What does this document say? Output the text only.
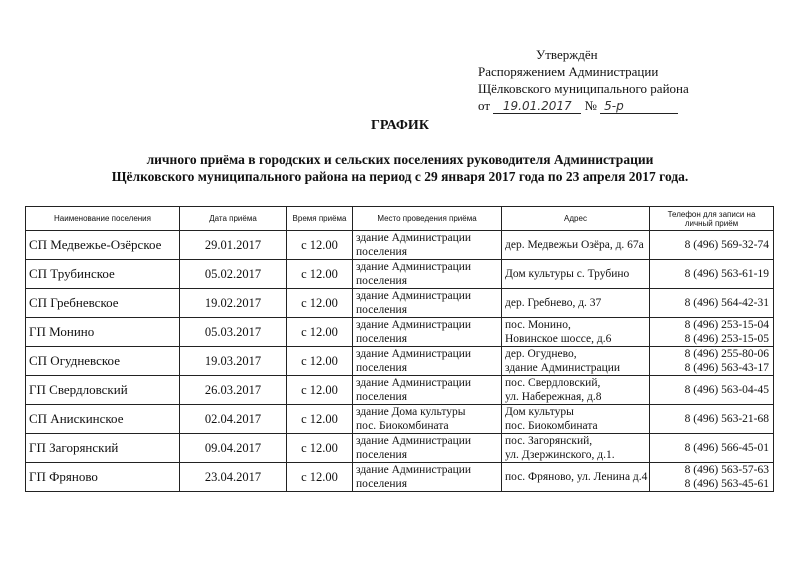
Утверждён
Распоряжением Администрации
Щёлковского муниципального района
от 19.01.2017 № 5-р
ГРАФИК
личного приёма в городских и сельских поселениях руководителя Администрации
Щёлковского муниципального района на период с 29 января 2017 года по 23 апреля 2017 года.
Наименование поселения	Дата приёма	Время приёма	Место проведения приёма	Адрес	Телефон для записи на личный приём
СП Медвежье-Озёрское	29.01.2017	с 12.00	здание Администрации
поселения	дер. Медвежьи Озёра, д. 67а	8 (496) 569-32-74

СП Трубинское	05.02.2017	с 12.00	здание Администрации
поселения	Дом культуры с. Трубино	8 (496) 563-61-19

СП Гребневское	19.02.2017	с 12.00	здание Администрации
поселения	дер. Гребнево, д. 37	8 (496) 564-42-31

ГП Монино	05.03.2017	с 12.00	здание Администрации
поселения	пос. Монино,
Новинское шоссе, д.6	8 (496) 253-15-04
8 (496) 253-15-05

СП Огудневское	19.03.2017	с 12.00	здание Администрации
поселения	дер. Огуднево,
здание Администрации	8 (496) 255-80-06
8 (496) 563-43-17

ГП Свердловский	26.03.2017	с 12.00	здание Администрации
поселения	пос. Свердловский,
ул. Набережная, д.8	8 (496) 563-04-45

СП Анискинское	02.04.2017	с 12.00	здание Дома культуры
пос. Биокомбината	Дом культуры
пос. Биокомбината	8 (496) 563-21-68

ГП Загорянский	09.04.2017	с 12.00	здание Администрации
поселения	пос. Загорянский,
ул. Дзержинского, д.1.	8 (496) 566-45-01

ГП Фряново	23.04.2017	с 12.00	здание Администрации
поселения	пос. Фряново, ул. Ленина д.4	8 (496) 563-57-63
8 (496) 563-45-61
